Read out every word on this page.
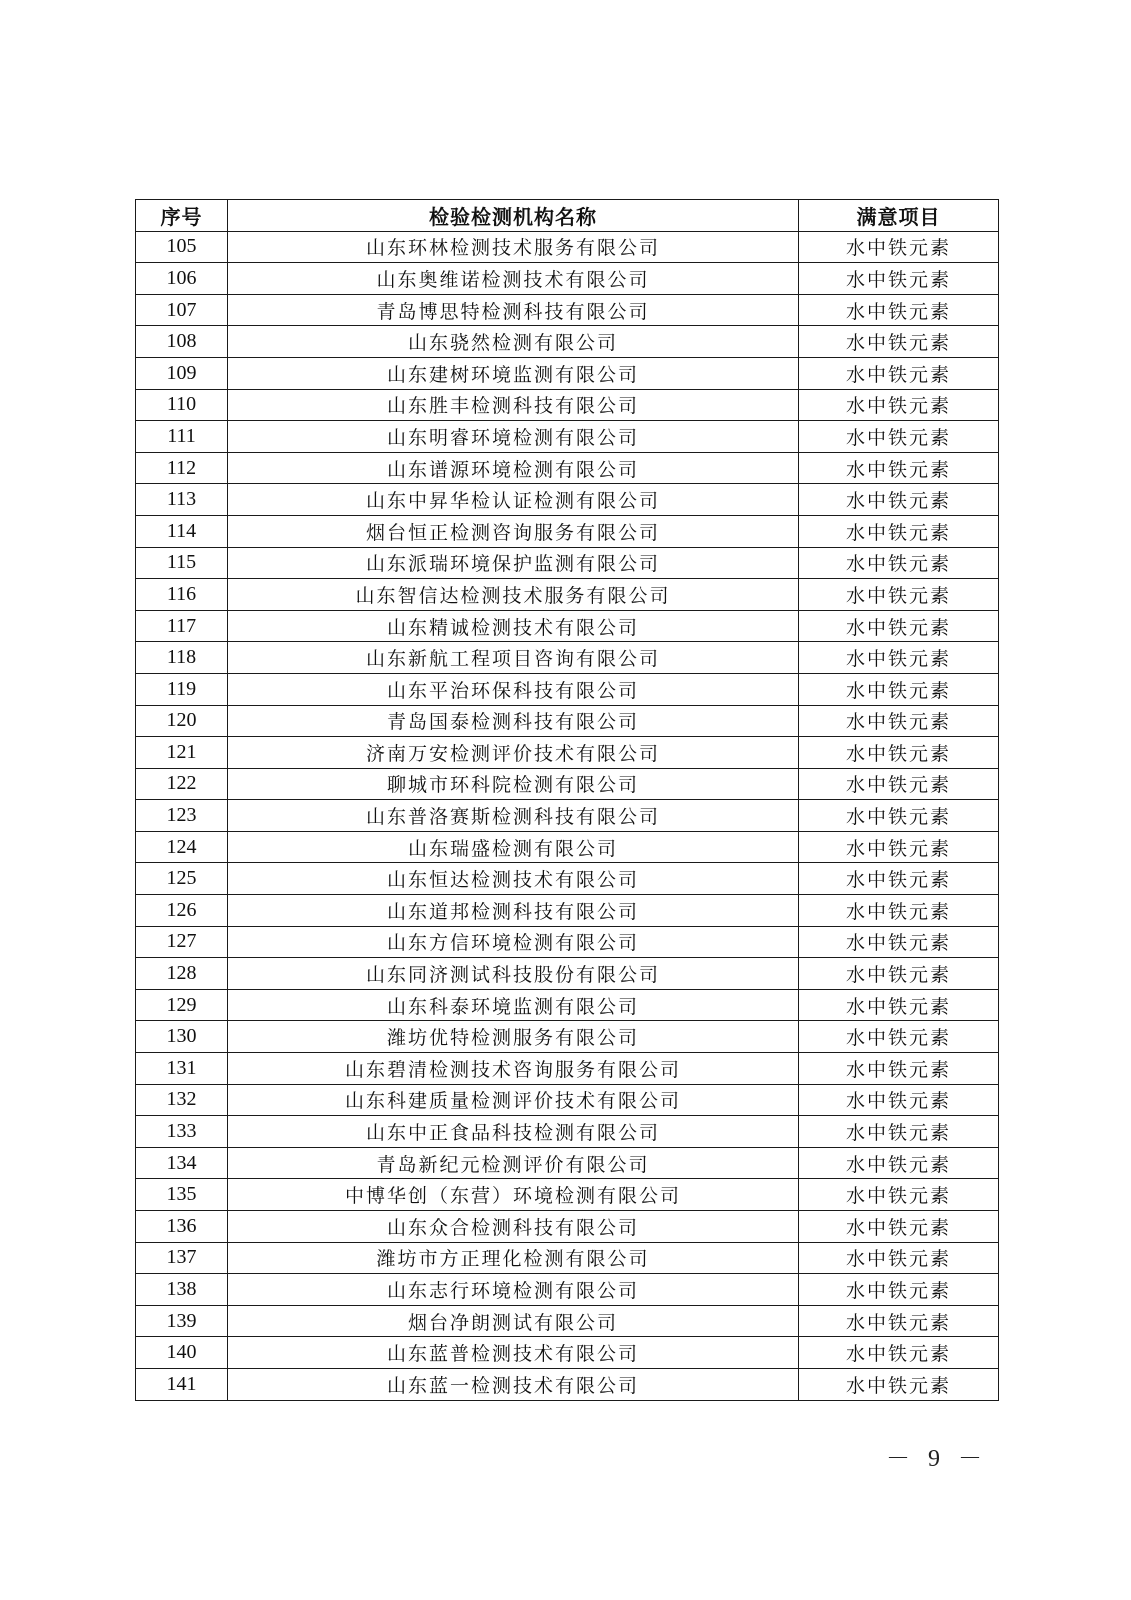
序号	检验检测机构名称	满意项目
105	山东环林检测技术服务有限公司	水中铁元素
106	山东奥维诺检测技术有限公司	水中铁元素
107	青岛博思特检测科技有限公司	水中铁元素
108	山东骁然检测有限公司	水中铁元素
109	山东建树环境监测有限公司	水中铁元素
110	山东胜丰检测科技有限公司	水中铁元素
111	山东明睿环境检测有限公司	水中铁元素
112	山东谱源环境检测有限公司	水中铁元素
113	山东中昇华检认证检测有限公司	水中铁元素
114	烟台恒正检测咨询服务有限公司	水中铁元素
115	山东派瑞环境保护监测有限公司	水中铁元素
116	山东智信达检测技术服务有限公司	水中铁元素
117	山东精诚检测技术有限公司	水中铁元素
118	山东新航工程项目咨询有限公司	水中铁元素
119	山东平治环保科技有限公司	水中铁元素
120	青岛国泰检测科技有限公司	水中铁元素
121	济南万安检测评价技术有限公司	水中铁元素
122	聊城市环科院检测有限公司	水中铁元素
123	山东普洛赛斯检测科技有限公司	水中铁元素
124	山东瑞盛检测有限公司	水中铁元素
125	山东恒达检测技术有限公司	水中铁元素
126	山东道邦检测科技有限公司	水中铁元素
127	山东方信环境检测有限公司	水中铁元素
128	山东同济测试科技股份有限公司	水中铁元素
129	山东科泰环境监测有限公司	水中铁元素
130	潍坊优特检测服务有限公司	水中铁元素
131	山东碧清检测技术咨询服务有限公司	水中铁元素
132	山东科建质量检测评价技术有限公司	水中铁元素
133	山东中正食品科技检测有限公司	水中铁元素
134	青岛新纪元检测评价有限公司	水中铁元素
135	中博华创（东营）环境检测有限公司	水中铁元素
136	山东众合检测科技有限公司	水中铁元素
137	潍坊市方正理化检测有限公司	水中铁元素
138	山东志行环境检测有限公司	水中铁元素
139	烟台净朗测试有限公司	水中铁元素
140	山东蓝普检测技术有限公司	水中铁元素
141	山东蓝一检测技术有限公司	水中铁元素
－ 9 －
